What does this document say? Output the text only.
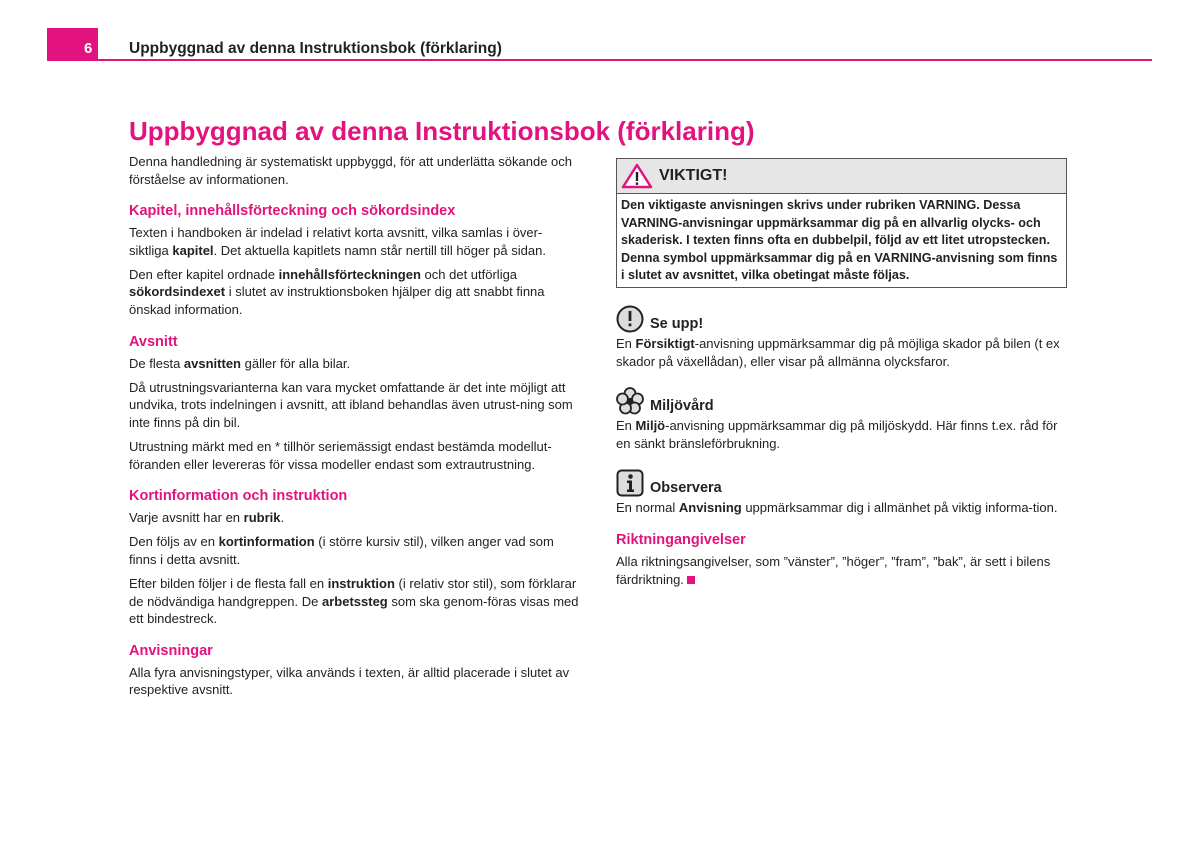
6 Uppbyggnad av denna Instruktionsbok (förklaring)
Uppbyggnad av denna Instruktionsbok (förklaring)

Denna handledning är systematiskt uppbyggd, för att underlätta sökande och förståelse av informationen.

Kapitel, innehållsförteckning och sökordsindex

Texten i handboken är indelad i relativt korta avsnitt, vilka samlas i över-siktliga kapitel. Det aktuella kapitlets namn står nertill till höger på sidan.

Den efter kapitel ordnade innehållsförteckningen och det utförliga sökordsindexet i slutet av instruktionsboken hjälper dig att snabbt finna önskad information.

Avsnitt

De flesta avsnitten gäller för alla bilar.

Då utrustningsvarianterna kan vara mycket omfattande är det inte möjligt att undvika, trots indelningen i avsnitt, att ibland behandlas även utrust-ning som inte finns på din bil.

Utrustning märkt med en * tillhör seriemässigt endast bestämda modellut-föranden eller levereras för vissa modeller endast som extrautrustning.

Kortinformation och instruktion

Varje avsnitt har en rubrik.

Den följs av en kortinformation (i större kursiv stil), vilken anger vad som finns i detta avsnitt.

Efter bilden följer i de flesta fall en instruktion (i relativ stor stil), som förklarar de nödvändiga handgreppen. De arbetssteg som ska genom-föras visas med ett bindestreck.

Anvisningar

Alla fyra anvisningstyper, vilka används i texten, är alltid placerade i slutet av respektive avsnitt.

VIKTIGT!
Den viktigaste anvisningen skrivs under rubriken VARNING. Dessa VARNING-anvisningar uppmärksammar dig på en allvarlig olycks- och skaderisk. I texten finns ofta en dubbelpil, följd av ett litet utropstecken. Denna symbol uppmärksammar dig på en VARNING-anvisning som finns i slutet av avsnittet, vilka obetingat måste följas.
Se upp!

En Försiktigt-anvisning uppmärksammar dig på möjliga skador på bilen (t ex skador på växellådan), eller visar på allmänna olycksfaror.

Miljövård

En Miljö-anvisning uppmärksammar dig på miljöskydd. Här finns t.ex. råd för en sänkt bränsleförbrukning.

Observera

En normal Anvisning uppmärksammar dig i allmänhet på viktig informa-tion.

Riktningangivelser

Alla riktningsangivelser, som ”vänster”, ”höger”, ”fram”, ”bak”, är sett i bilens färdriktning.
